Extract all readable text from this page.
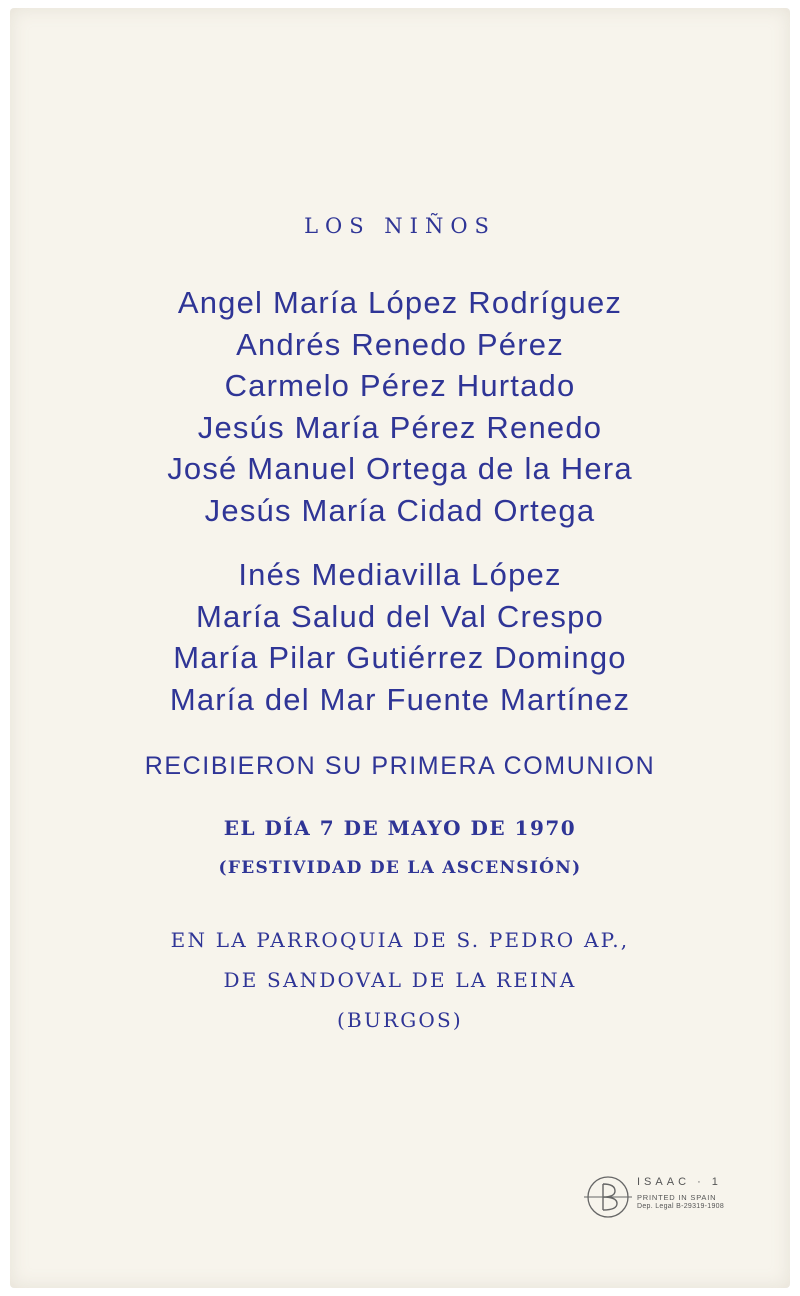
LOS NIÑOS
Angel María López Rodríguez
Andrés Renedo Pérez
Carmelo Pérez Hurtado
Jesús María Pérez Renedo
José Manuel Ortega de la Hera
Jesús María Cidad Ortega
Inés Mediavilla López
María Salud del Val Crespo
María Pilar Gutiérrez Domingo
María del Mar Fuente Martínez
RECIBIERON SU PRIMERA COMUNION
EL DÍA 7 DE MAYO DE 1970
(FESTIVIDAD DE LA ASCENSIÓN)
EN LA PARROQUIA DE S. PEDRO AP.,
DE SANDOVAL DE LA REINA
(BURGOS)
ISAAC · 1
PRINTED IN SPAIN
Dep. Legal B-29319-1908
